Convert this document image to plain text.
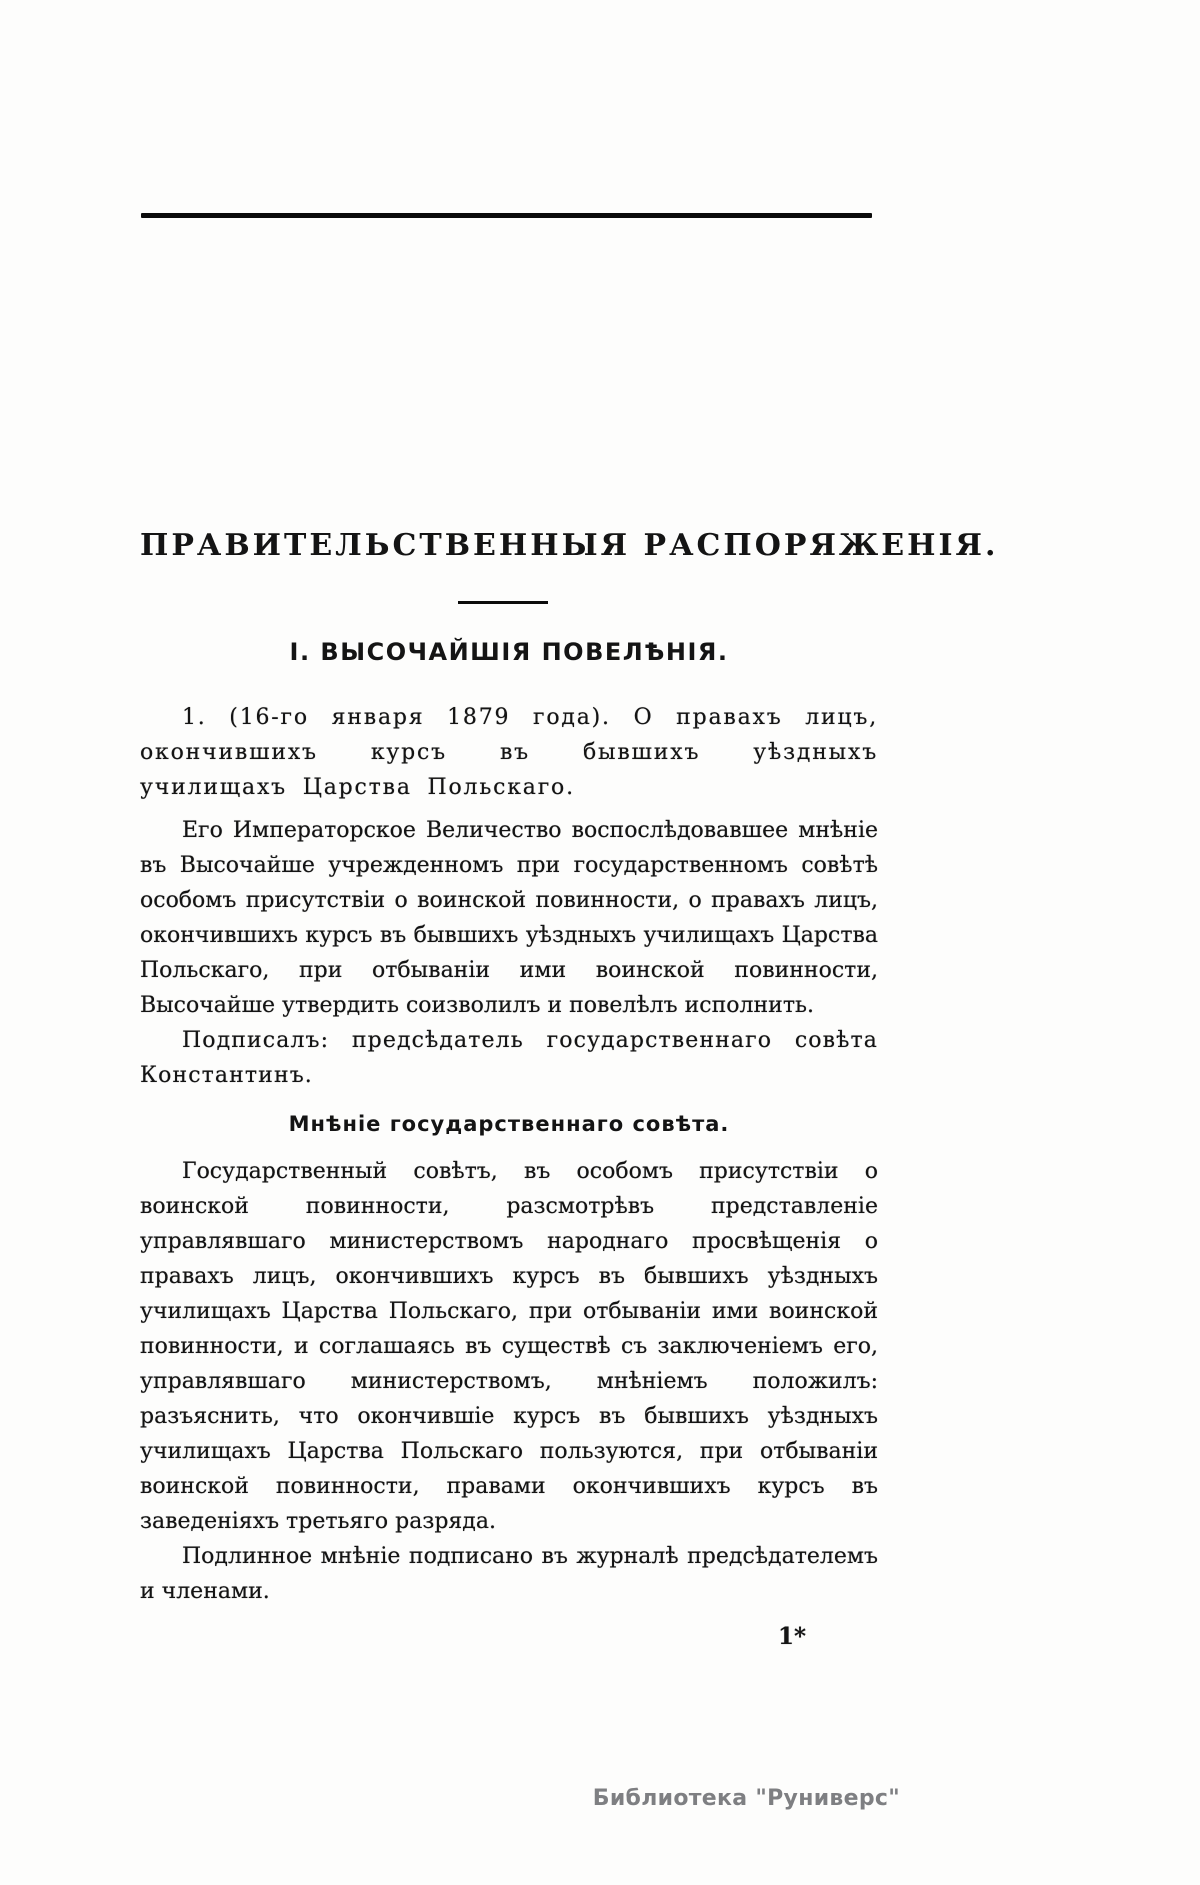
ПРАВИТЕЛЬСТВЕННЫЯ РАСПОРЯЖЕНІЯ.
I. ВЫСОЧАЙШІЯ ПОВЕЛѢНІЯ.

1. (16-го января 1879 года). О правахъ лицъ, окончившихъ курсъ въ бывшихъ уѣздныхъ училищахъ Царства Польскаго.

Его Императорское Величество воспослѣдовавшее мнѣніе въ Высочайше учрежденномъ при государственномъ совѣтѣ особомъ присутствіи о воинской повинности, о правахъ лицъ, окончившихъ курсъ въ бывшихъ уѣздныхъ училищахъ Царства Польскаго, при отбываніи ими воинской повинности, Высочайше утвердить соизволилъ и повелѣлъ исполнить.

Подписалъ: предсѣдатель государственнаго совѣта Константинъ.

Мнѣніе государственнаго совѣта.

Государственный совѣтъ, въ особомъ присутствіи о воинской повинности, разсмотрѣвъ представленіе управлявшаго министерствомъ народнаго просвѣщенія о правахъ лицъ, окончившихъ курсъ въ бывшихъ уѣздныхъ училищахъ Царства Польскаго, при отбываніи ими воинской повинности, и соглашаясь въ существѣ съ заключеніемъ его, управлявшаго министерствомъ, мнѣніемъ положилъ: разъяснить, что окончившіе курсъ въ бывшихъ уѣздныхъ училищахъ Царства Польскаго пользуются, при отбываніи воинской повинности, правами окончившихъ курсъ въ заведеніяхъ третьяго разряда.

Подлинное мнѣніе подписано въ журналѣ предсѣдателемъ и членами.

1*

Библиотека "Руниверс"
